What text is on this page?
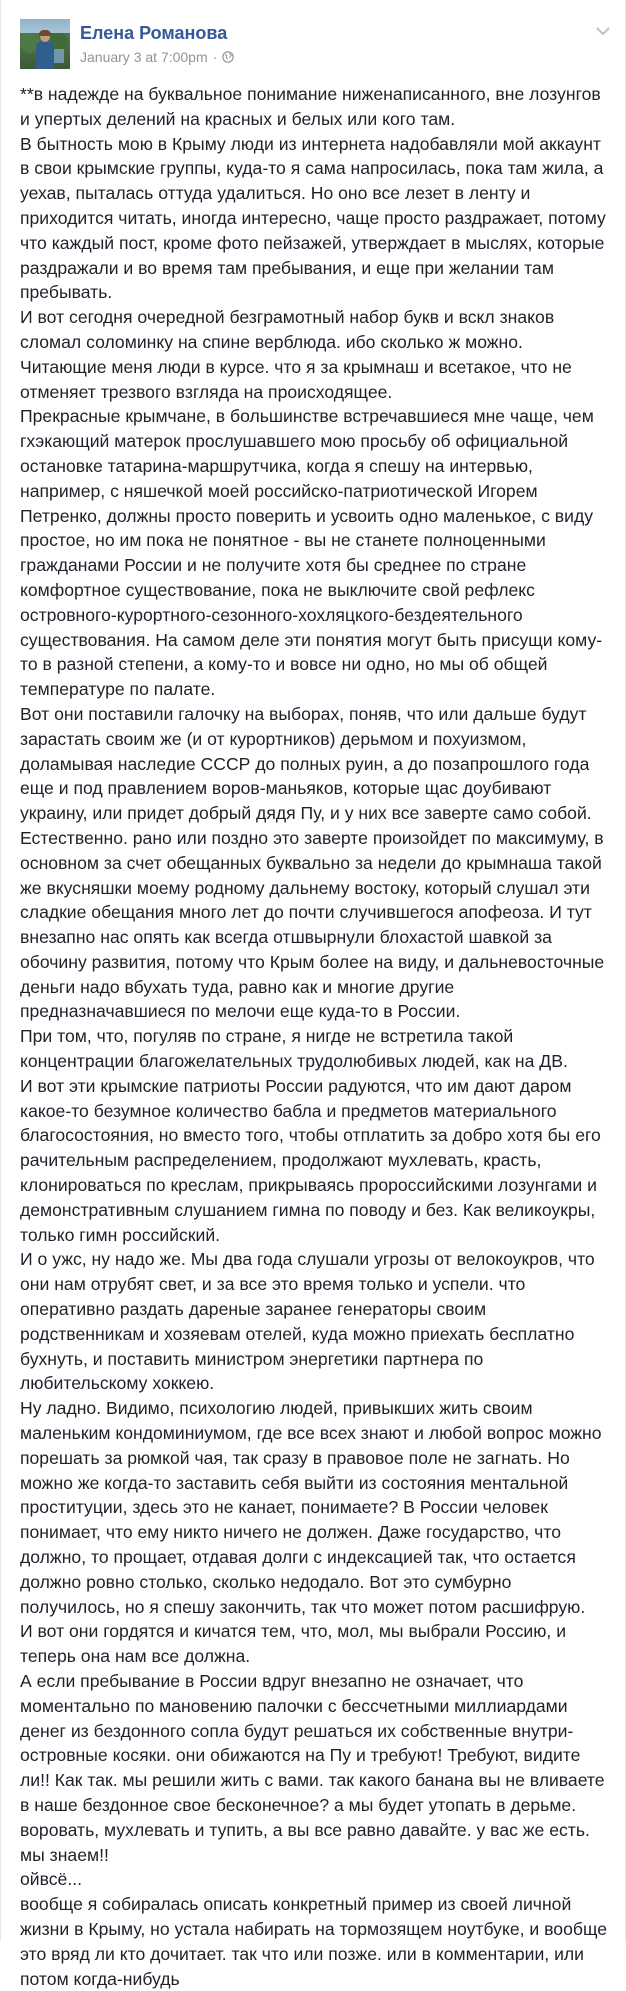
Елена Романова
January 3 at 7:00pm ·

**в надежде на буквальное понимание ниженаписанного, вне лозунгов и упертых делений на красных и белых или кого там.

В бытность мою в Крыму люди из интернета надобавляли мой аккаунт в свои крымские группы, куда-то я сама напросилась, пока там жила, а уехав, пыталась оттуда удалиться. Но оно все лезет в ленту и приходится читать, иногда интересно, чаще просто раздражает, потому что каждый пост, кроме фото пейзажей, утверждает в мыслях, которые раздражали и во время там пребывания, и еще при желании там пребывать.

И вот сегодня очередной безграмотный набор букв и вскл знаков сломал соломинку на спине верблюда. ибо сколько ж можно.

Читающие меня люди в курсе. что я за крымнаш и всетакое, что не отменяет трезвого взгляда на происходящее.

Прекрасные крымчане, в большинстве встречавшиеся мне чаще, чем гхэкающий матерок прослушавшего мою просьбу об официальной остановке татарина-маршрутчика, когда я спешу на интервью, например, с няшечкой моей российско-патриотической Игорем Петренко, должны просто поверить и усвоить одно маленькое, с виду простое, но им пока не понятное - вы не станете полноценными гражданами России и не получите хотя бы среднее по стране комфортное существование, пока не выключите свой рефлекс островного-курортного-сезонного-хохляцкого-бездеятельного существования. На самом деле эти понятия могут быть присущи кому-то в разной степени, а кому-то и вовсе ни одно, но мы об общей температуре по палате.

Вот они поставили галочку на выборах, поняв, что или дальше будут зарастать своим же (и от курортников) дерьмом и похуизмом, доламывая наследие СССР до полных руин, а до позапрошлого года еще и под правлением воров-маньяков, которые щас доубивают украину, или придет добрый дядя Пу, и у них все заверте само собой.

Естественно. рано или поздно это заверте произойдет по максимуму, в основном за счет обещанных буквально за недели до крымнаша такой же вкусняшки моему родному дальнему востоку, который слушал эти сладкие обещания много лет до почти случившегося апофеоза. И тут внезапно нас опять как всегда отшвырнули блохастой шавкой за обочину развития, потому что Крым более на виду, и дальневосточные деньги надо вбухать туда, равно как и многие другие предназначавшиеся по мелочи еще куда-то в России.

При том, что, погуляв по стране, я нигде не встретила такой концентрации благожелательных трудолюбивых людей, как на ДВ.

И вот эти крымские патриоты России радуются, что им дают даром какое-то безумное количество бабла и предметов материального благосостояния, но вместо того, чтобы отплатить за добро хотя бы его рачительным распределением, продолжают мухлевать, красть, клонироваться по креслам, прикрываясь пророссийскими лозунгами и демонстративным слушанием гимна по поводу и без. Как великоукры, только гимн российский.

И о ужс, ну надо же. Мы два года слушали угрозы от велокоукров, что они нам отрубят свет, и за все это время только и успели. что оперативно раздать дареные заранее генераторы своим родственникам и хозяевам отелей, куда можно приехать бесплатно бухнуть, и поставить министром энергетики партнера по любительскому хоккею.

Ну ладно. Видимо, психологию людей, привыкших жить своим маленьким кондоминиумом, где все всех знают и любой вопрос можно порешать за рюмкой чая, так сразу в правовое поле не загнать. Но можно же когда-то заставить себя выйти из состояния ментальной проституции, здесь это не канает, понимаете? В России человек понимает, что ему никто ничего не должен. Даже государство, что должно, то прощает, отдавая долги с индексацией так, что остается должно ровно столько, сколько недодало. Вот это сумбурно получилось, но я спешу закончить, так что может потом расшифрую.

И вот они гордятся и кичатся тем, что, мол, мы выбрали Россию, и теперь она нам все должна.

А если пребывание в России вдруг внезапно не означает, что моментально по мановению палочки с бессчетными миллиардами денег из бездонного сопла будут решаться их собственные внутри-островные косяки. они обижаются на Пу и требуют! Требуют, видите ли!! Как так. мы решили жить с вами. так какого банана вы не вливаете в наше бездонное свое бесконечное? а мы будет утопать в дерьме. воровать, мухлевать и тупить, а вы все равно давайте. у вас же есть. мы знаем!!

ойвсё...

вообще я собиралась описать конкретный пример из своей личной жизни в Крыму, но устала набирать на тормозящем ноутбуке, и вообще это вряд ли кто дочитает. так что или позже. или в комментарии, или потом когда-нибудь
